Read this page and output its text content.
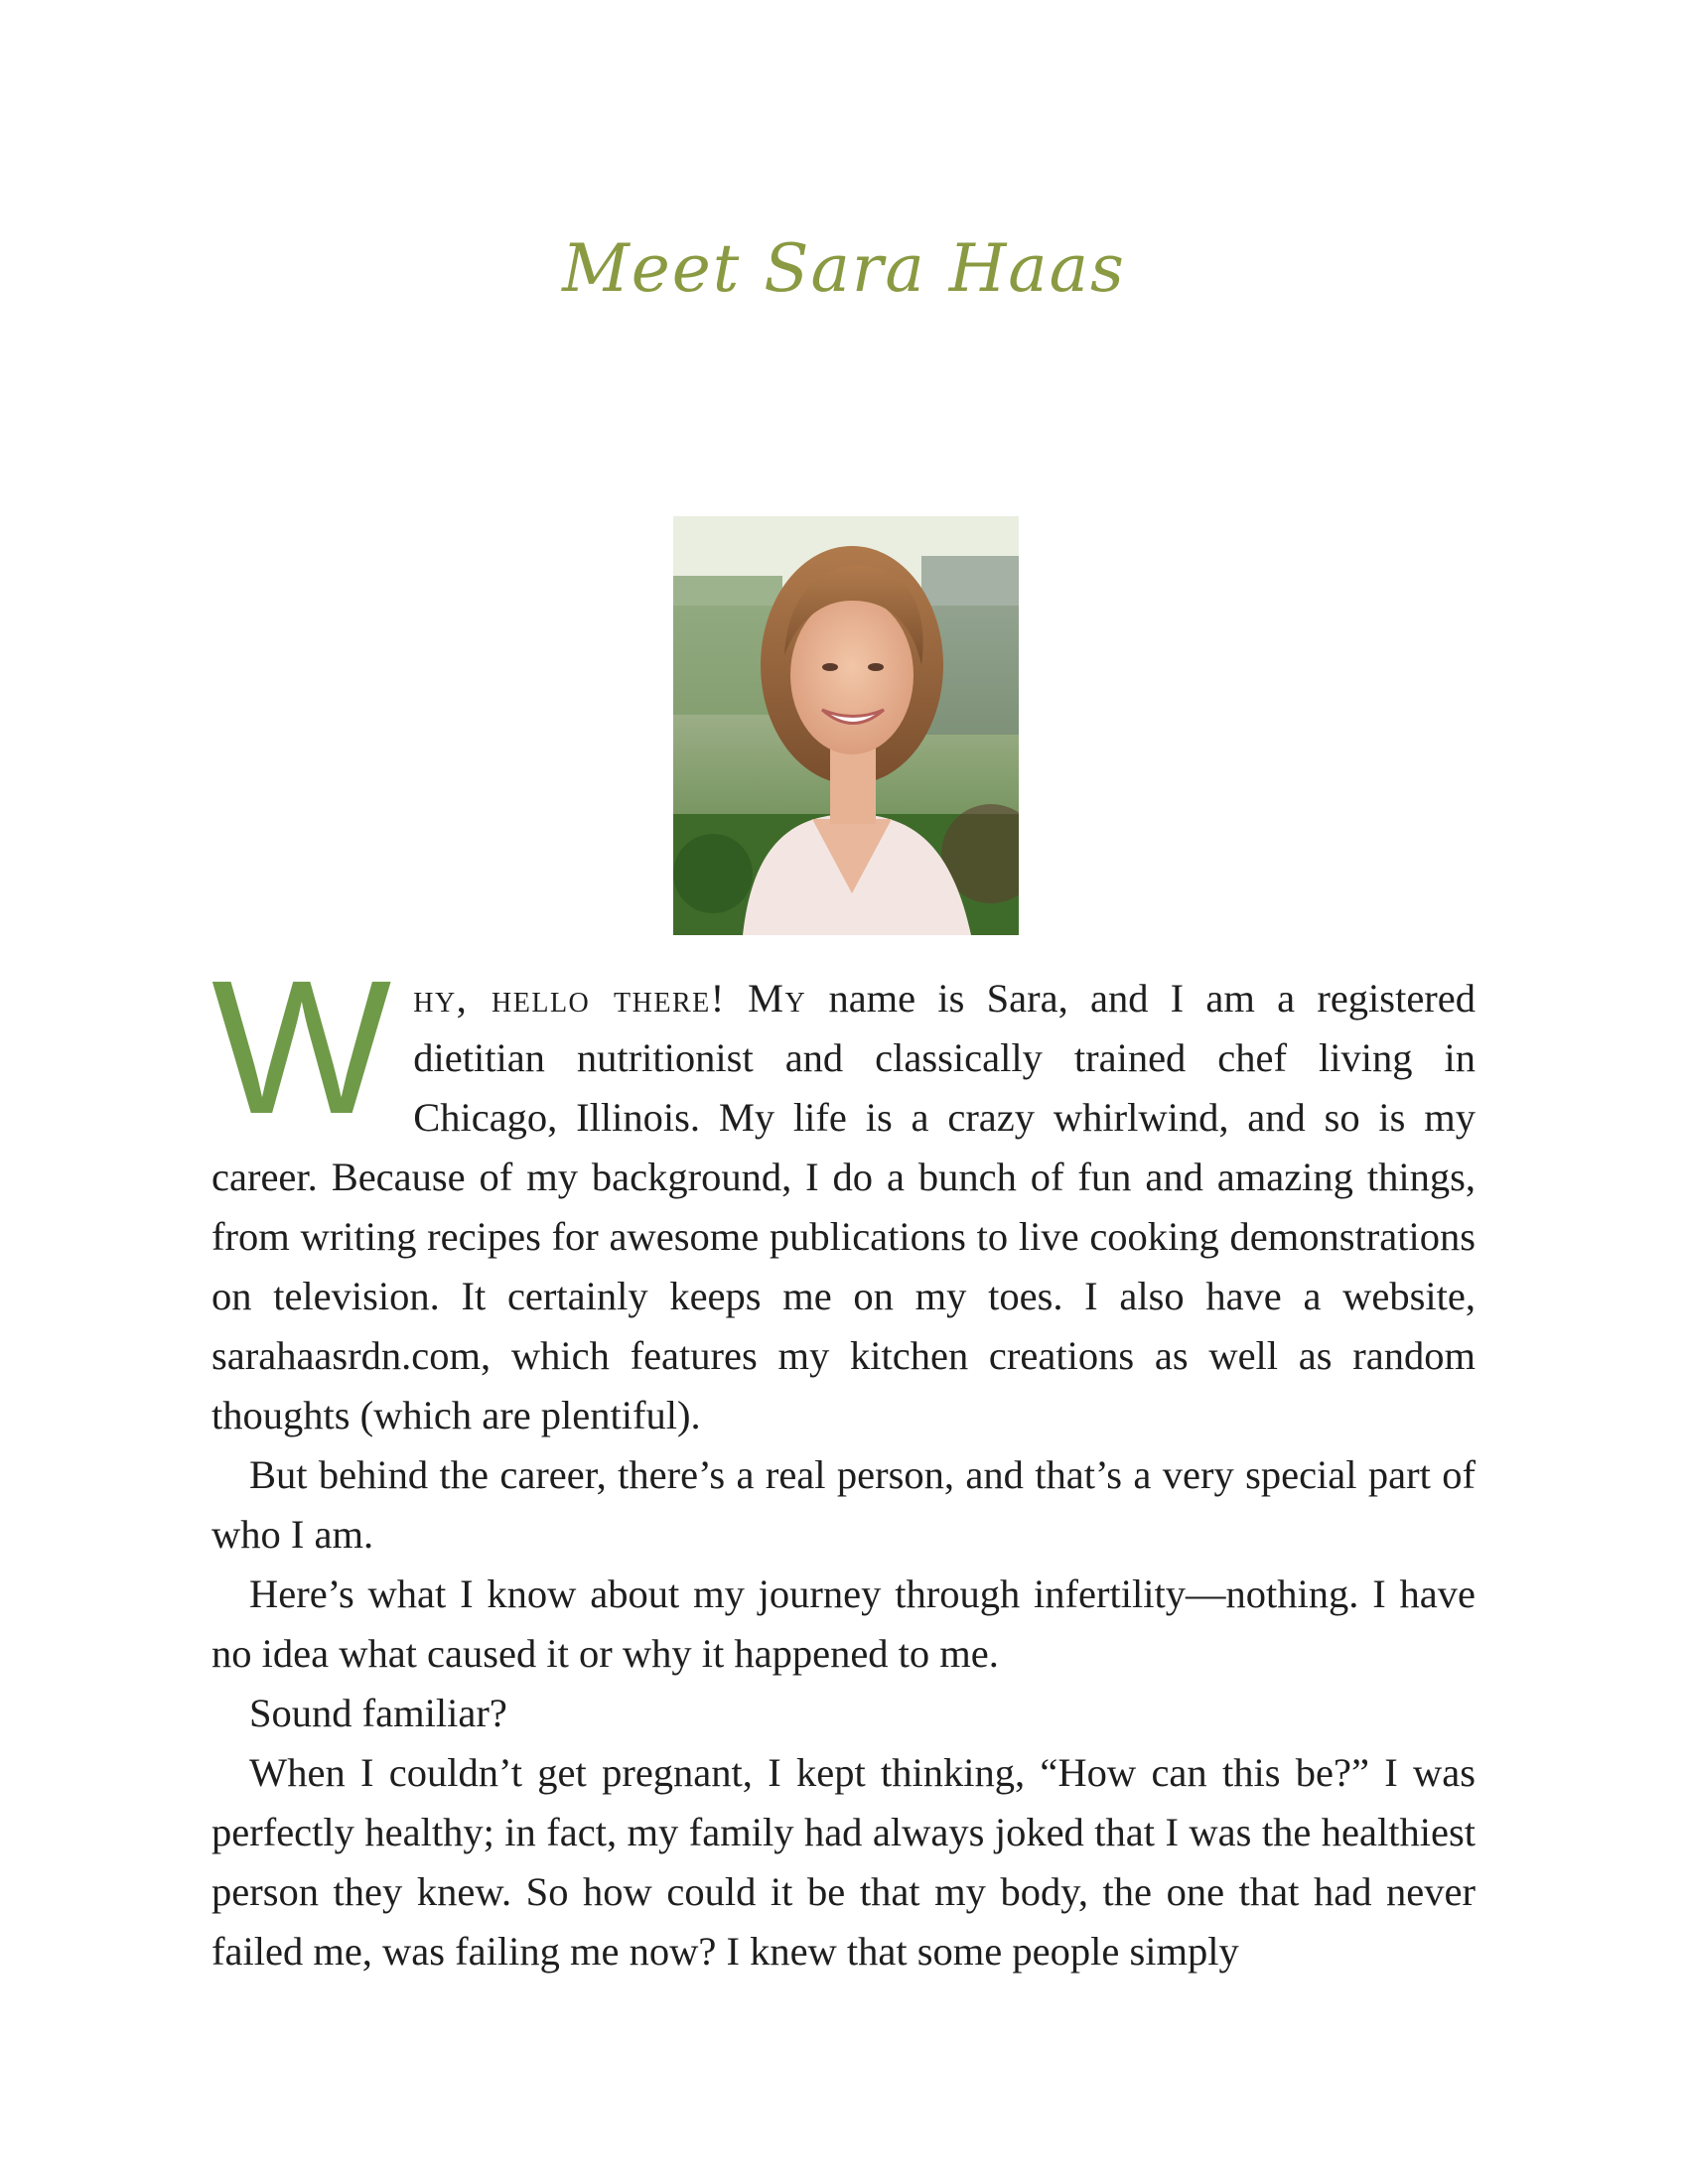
Meet Sara Haas

Why, hello there! My name is Sara, and I am a registered dietitian nutritionist and classically trained chef living in Chicago, Illinois. My life is a crazy whirlwind, and so is my career. Because of my background, I do a bunch of fun and amazing things, from writing recipes for awesome publications to live cooking demonstrations on television. It certainly keeps me on my toes. I also have a website, sarahaasrdn.com, which features my kitchen creations as well as random thoughts (which are plentiful).

But behind the career, there’s a real person, and that’s a very special part of who I am.

Here’s what I know about my journey through infertility—nothing. I have no idea what caused it or why it happened to me.

Sound familiar?

When I couldn’t get pregnant, I kept thinking, “How can this be?” I was perfectly healthy; in fact, my family had always joked that I was the healthiest person they knew. So how could it be that my body, the one that had never failed me, was failing me now? I knew that some people simply
